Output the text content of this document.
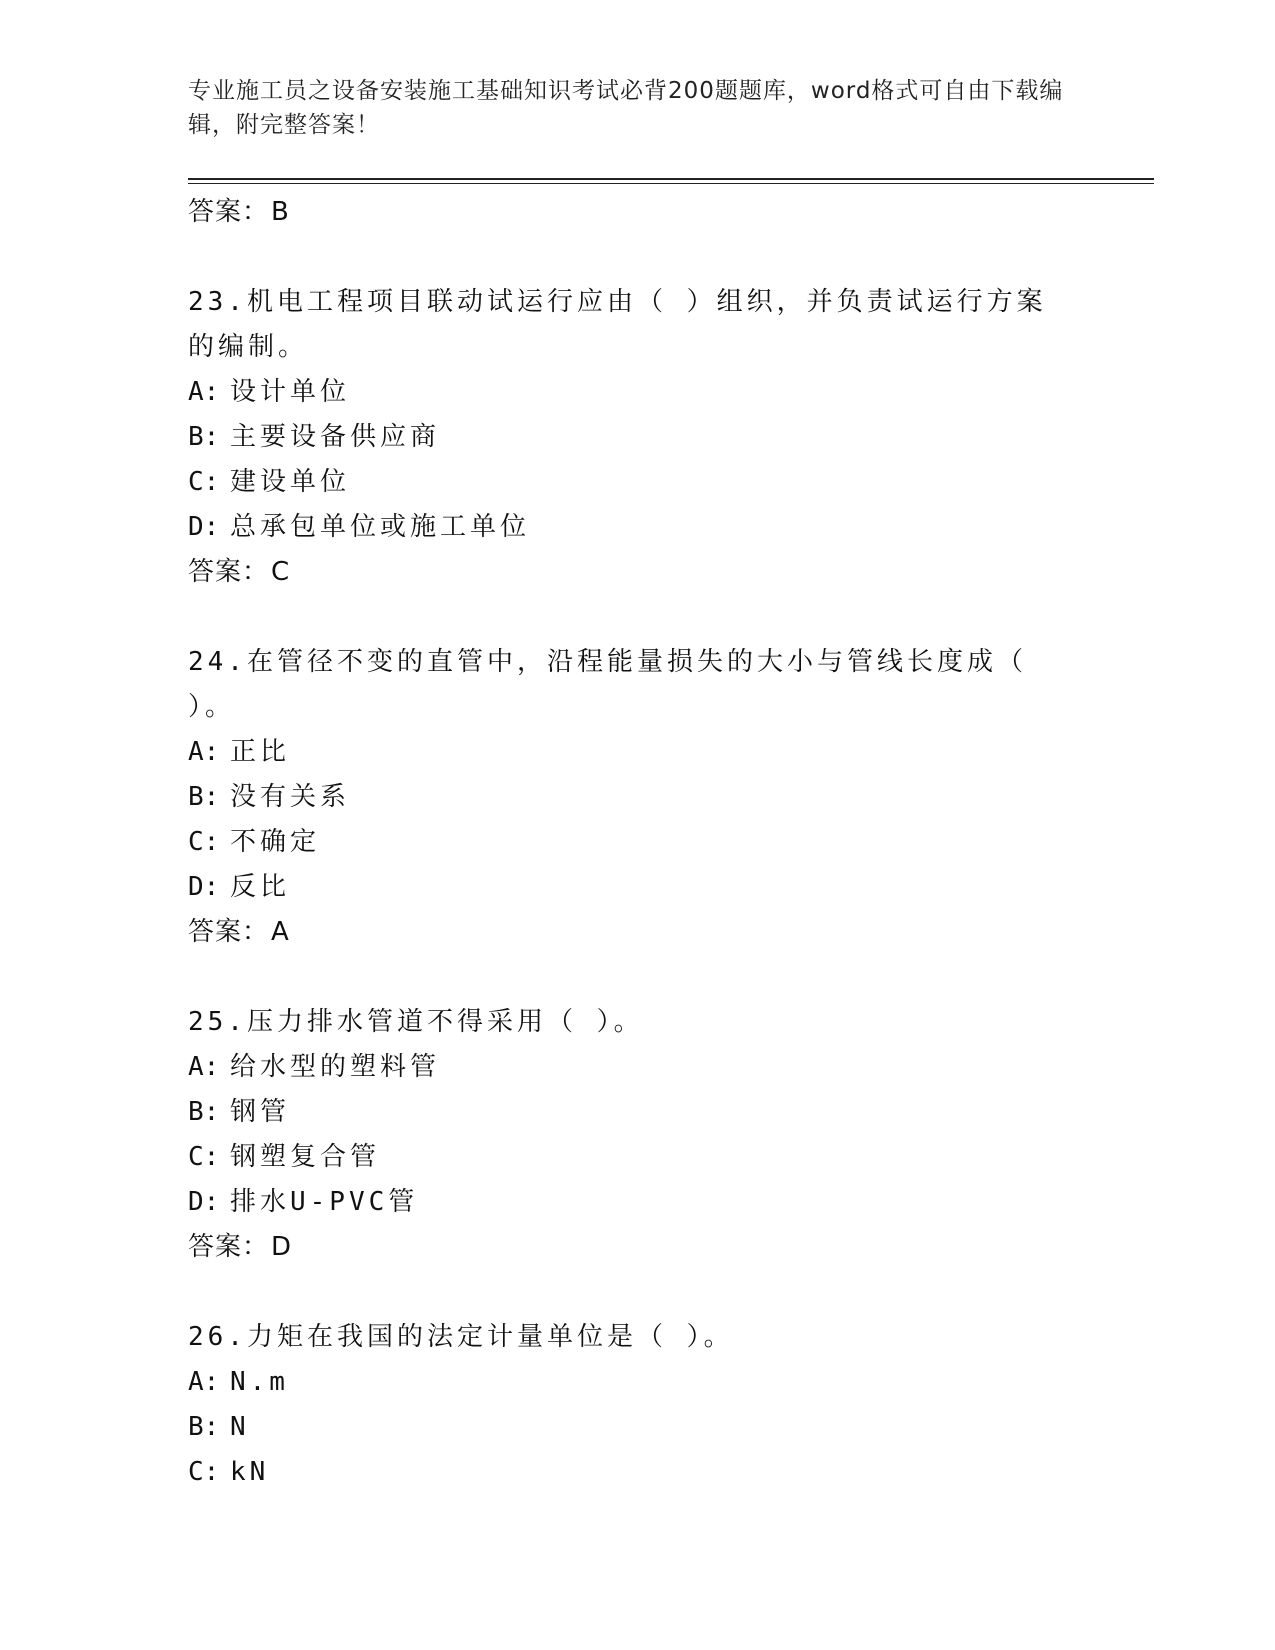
专业施工员之设备安装施工基础知识考试必背200题题库，word格式可自由下载编辑，附完整答案！
答案：B
23.机电工程项目联动试运行应由（ ）组织，并负责试运行方案的编制。
A: 设计单位
B: 主要设备供应商
C: 建设单位
D: 总承包单位或施工单位
答案：C
24.在管径不变的直管中，沿程能量损失的大小与管线长度成（ ）。
A: 正比
B: 没有关系
C: 不确定
D: 反比
答案：A
25.压力排水管道不得采用（ ）。
A: 给水型的塑料管
B: 钢管
C: 钢塑复合管
D: 排水U-PVC管
答案：D
26.力矩在我国的法定计量单位是（ ）。
A: N.m
B: N
C: kN
